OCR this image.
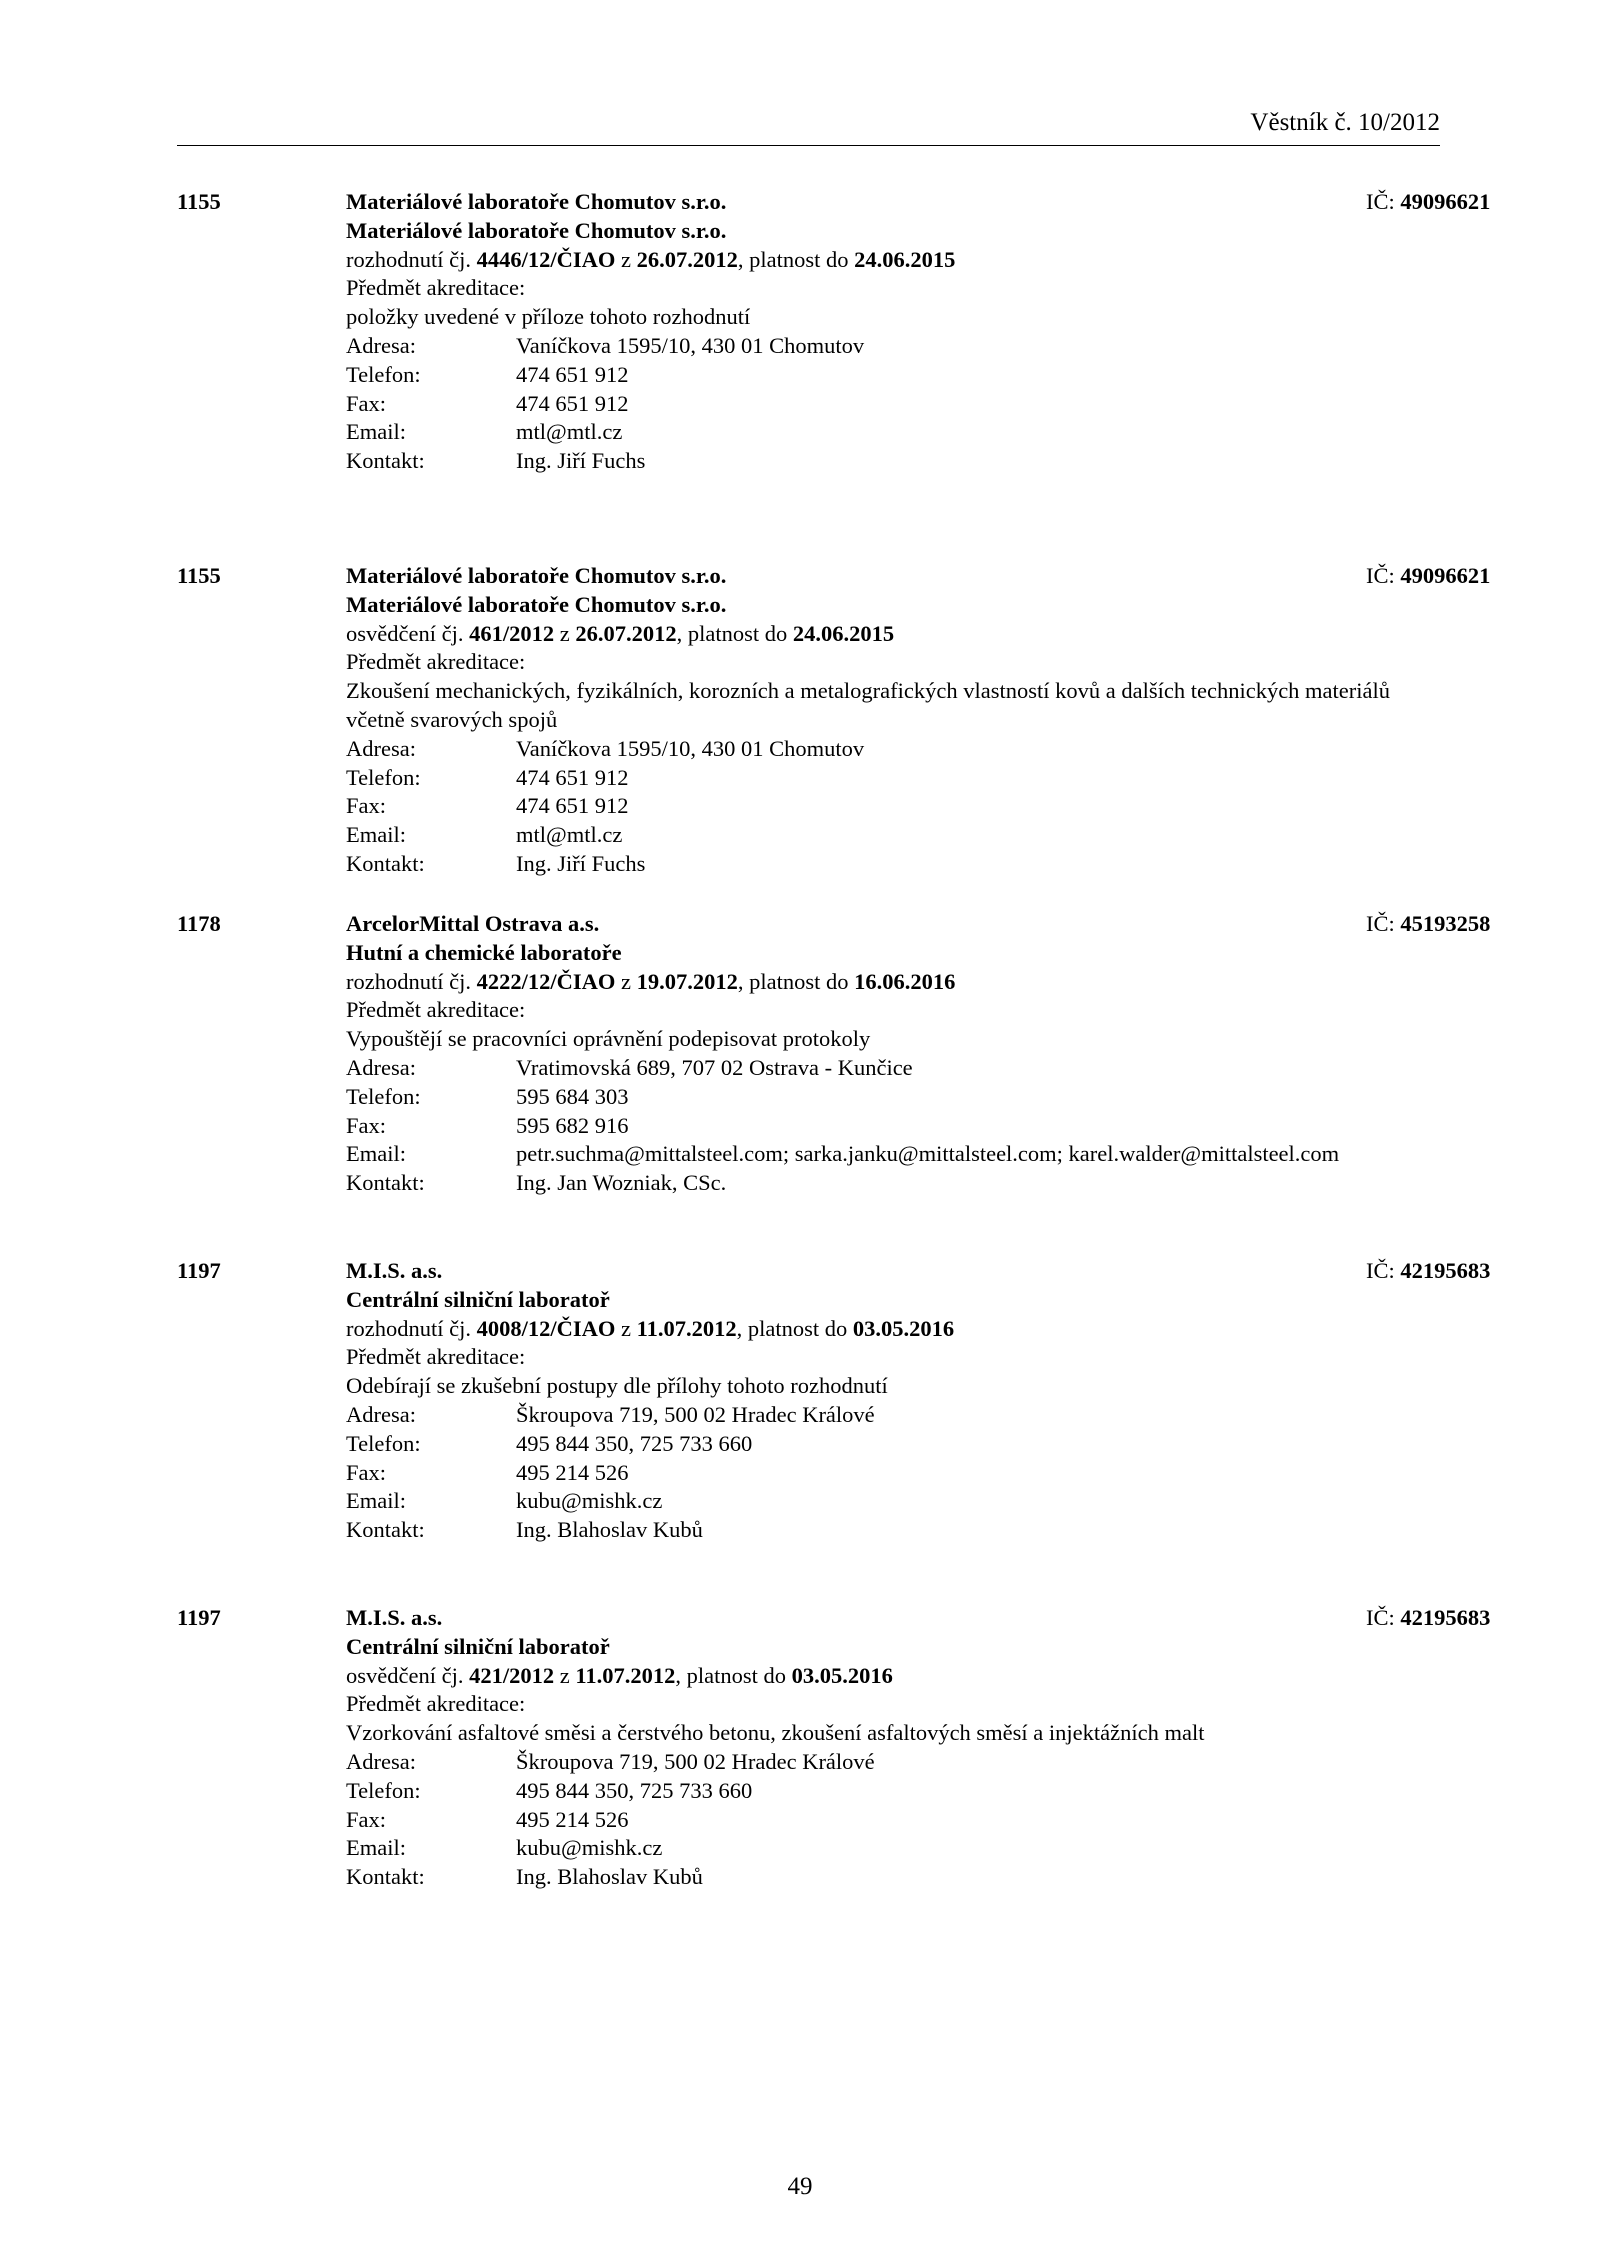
Věstník č. 10/2012
1155	Materiálové laboratoře Chomutov s.r.o.	IČ: 49096621
Materiálové laboratoře Chomutov s.r.o.
rozhodnutí čj. 4446/12/ČIAO z 26.07.2012, platnost do 24.06.2015
Předmět akreditace:
položky uvedené v příloze tohoto rozhodnutí
Adresa:	Vaníčkova 1595/10, 430 01 Chomutov
Telefon:	474 651 912
Fax:	474 651 912
Email:	mtl@mtl.cz
Kontakt:	Ing. Jiří Fuchs
1155	Materiálové laboratoře Chomutov s.r.o.	IČ: 49096621
Materiálové laboratoře Chomutov s.r.o.
osvědčení čj. 461/2012 z 26.07.2012, platnost do 24.06.2015
Předmět akreditace:
Zkoušení mechanických, fyzikálních, korozních a metalografických vlastností kovů a dalších technických materiálů včetně svarových spojů
Adresa:	Vaníčkova 1595/10, 430 01 Chomutov
Telefon:	474 651 912
Fax:	474 651 912
Email:	mtl@mtl.cz
Kontakt:	Ing. Jiří Fuchs
1178	ArcelorMittal Ostrava a.s.	IČ: 45193258
Hutní a chemické laboratoře
rozhodnutí čj. 4222/12/ČIAO z 19.07.2012, platnost do 16.06.2016
Předmět akreditace:
Vypouštějí se pracovníci oprávnění podepisovat protokoly
Adresa:	Vratimovská 689, 707 02 Ostrava - Kunčice
Telefon:	595 684 303
Fax:	595 682 916
Email:	petr.suchma@mittalsteel.com; sarka.janku@mittalsteel.com; karel.walder@mittalsteel.com
Kontakt:	Ing. Jan Wozniak, CSc.
1197	M.I.S. a.s.	IČ: 42195683
Centrální silniční laboratoř
rozhodnutí čj. 4008/12/ČIAO z 11.07.2012, platnost do 03.05.2016
Předmět akreditace:
Odebírají se zkušební postupy dle přílohy tohoto rozhodnutí
Adresa:	Škroupova 719, 500 02 Hradec Králové
Telefon:	495 844 350, 725 733 660
Fax:	495 214 526
Email:	kubu@mishk.cz
Kontakt:	Ing. Blahoslav Kubů
1197	M.I.S. a.s.	IČ: 42195683
Centrální silniční laboratoř
osvědčení čj. 421/2012 z 11.07.2012, platnost do 03.05.2016
Předmět akreditace:
Vzorkování asfaltové směsi a čerstvého betonu, zkoušení asfaltových směsí a injektážních malt
Adresa:	Škroupova 719, 500 02 Hradec Králové
Telefon:	495 844 350, 725 733 660
Fax:	495 214 526
Email:	kubu@mishk.cz
Kontakt:	Ing. Blahoslav Kubů
49
